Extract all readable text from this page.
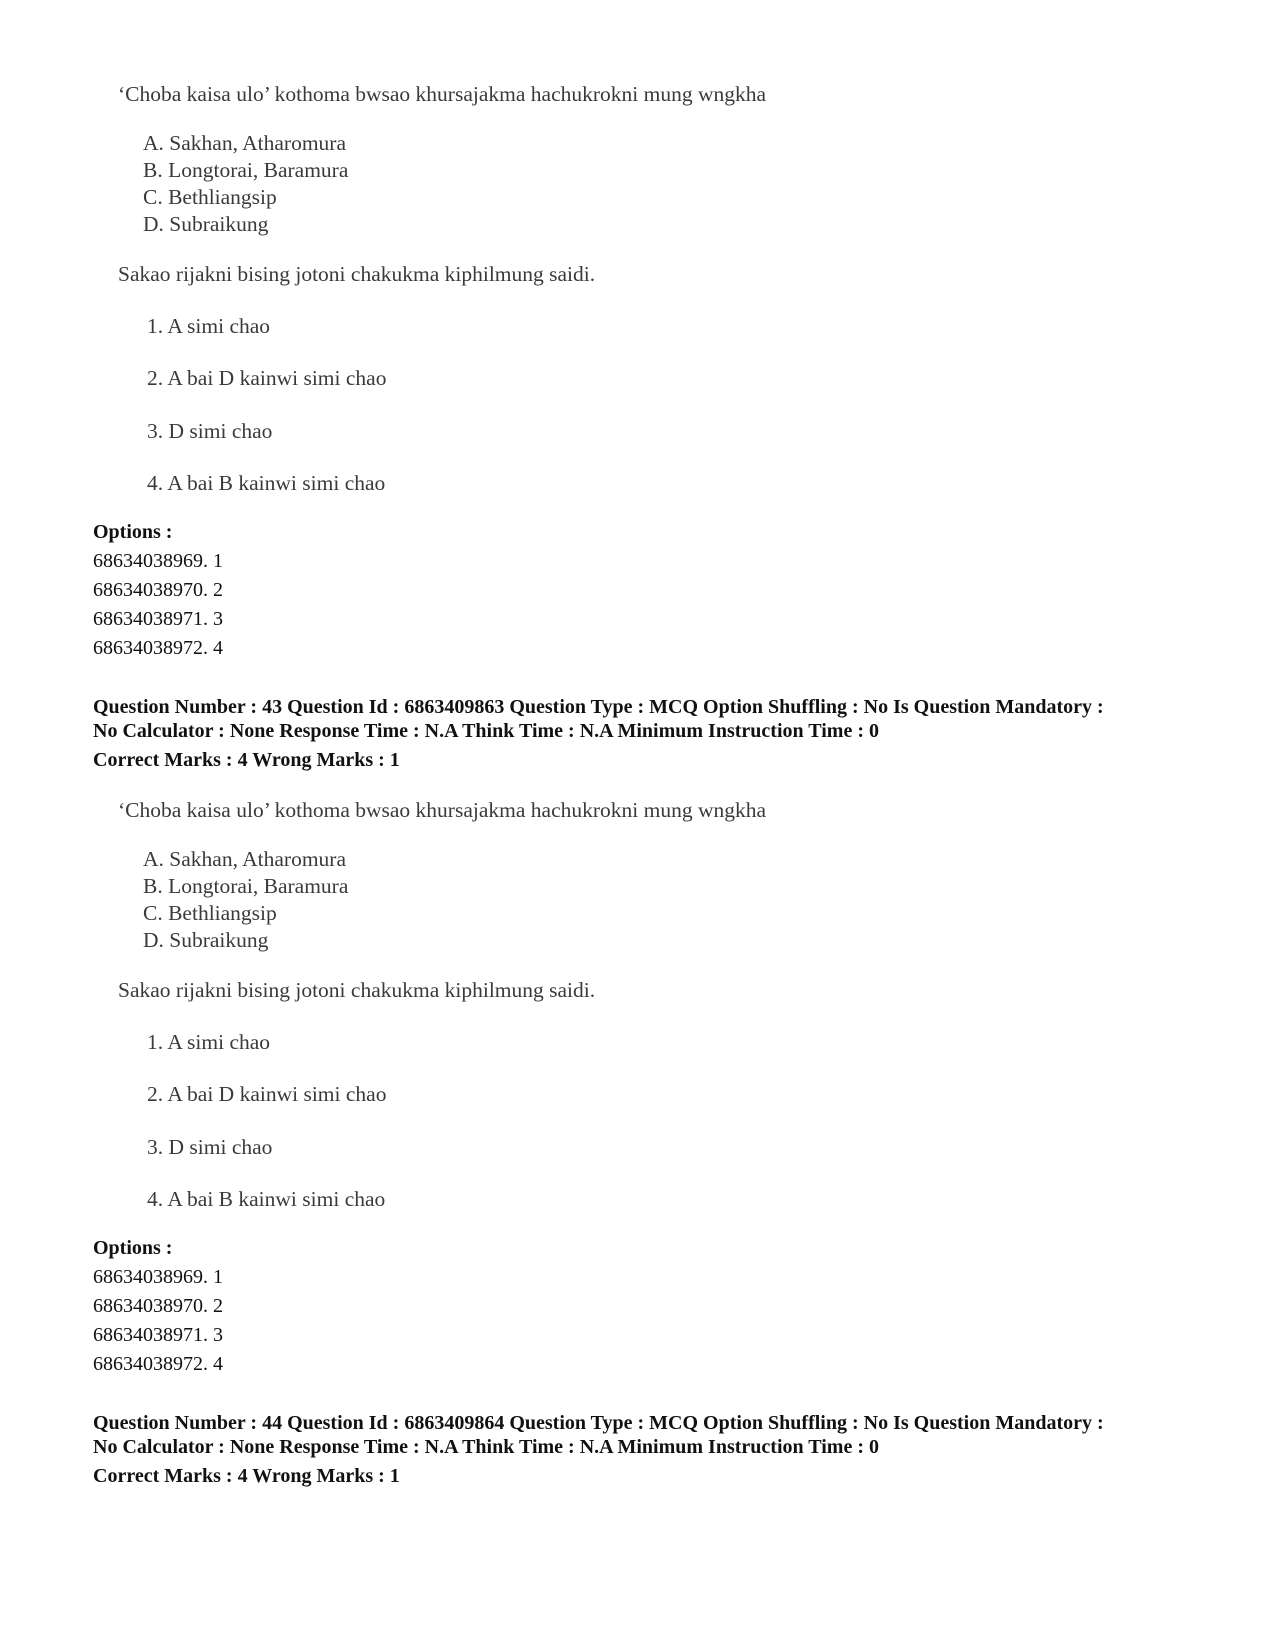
‘Choba kaisa ulo’ kothoma bwsao khursajakma hachukrokni mung wngkha
A. Sakhan, Atharomura
B. Longtorai, Baramura
C. Bethliangsip
D. Subraikung
Sakao rijakni bising jotoni chakukma kiphilmung saidi.
1. A simi chao
2. A bai D kainwi simi chao
3. D simi chao
4. A bai B kainwi simi chao
Options :
68634038969. 1
68634038970. 2
68634038971. 3
68634038972. 4
Question Number : 43 Question Id : 6863409863 Question Type : MCQ Option Shuffling : No Is Question Mandatory :
No Calculator : None Response Time : N.A Think Time : N.A Minimum Instruction Time : 0
Correct Marks : 4 Wrong Marks : 1
‘Choba kaisa ulo’ kothoma bwsao khursajakma hachukrokni mung wngkha
A. Sakhan, Atharomura
B. Longtorai, Baramura
C. Bethliangsip
D. Subraikung
Sakao rijakni bising jotoni chakukma kiphilmung saidi.
1. A simi chao
2. A bai D kainwi simi chao
3. D simi chao
4. A bai B kainwi simi chao
Options :
68634038969. 1
68634038970. 2
68634038971. 3
68634038972. 4
Question Number : 44 Question Id : 6863409864 Question Type : MCQ Option Shuffling : No Is Question Mandatory :
No Calculator : None Response Time : N.A Think Time : N.A Minimum Instruction Time : 0
Correct Marks : 4 Wrong Marks : 1
